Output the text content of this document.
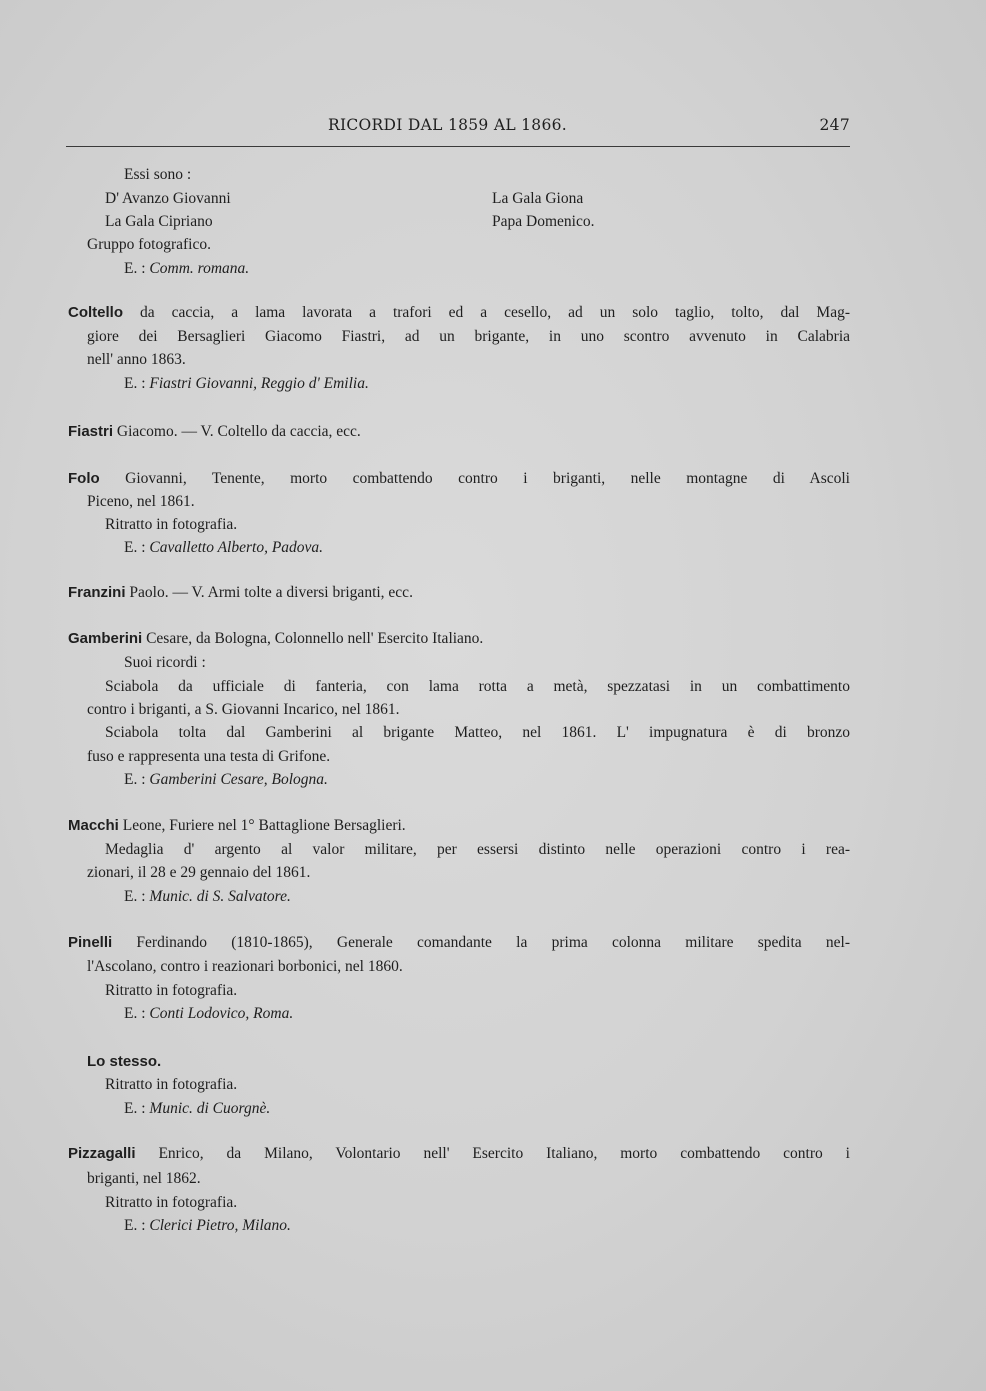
RICORDI DAL 1859 AL 1866.	247
Essi sono :
D' Avanzo Giovanni	La Gala Giona
La Gala Cipriano	Papa Domenico.
Gruppo fotografico.
E. : Comm. romana.
Coltello da caccia, a lama lavorata a trafori ed a cesello, ad un solo taglio, tolto, dal Mag-
giore dei Bersaglieri Giacomo Fiastri, ad un brigante, in uno scontro avvenuto in Calabria
nell' anno 1863.
E. : Fiastri Giovanni, Reggio d' Emilia.
Fiastri Giacomo. — V. Coltello da caccia, ecc.
Folo Giovanni, Tenente, morto combattendo contro i briganti, nelle montagne di Ascoli
Piceno, nel 1861.
Ritratto in fotografia.
E. : Cavalletto Alberto, Padova.
Franzini Paolo. — V. Armi tolte a diversi briganti, ecc.
Gamberini Cesare, da Bologna, Colonnello nell' Esercito Italiano.
Suoi ricordi :
Sciabola da ufficiale di fanteria, con lama rotta a metà, spezzatasi in un combattimento
contro i briganti, a S. Giovanni Incarico, nel 1861.
Sciabola tolta dal Gamberini al brigante Matteo, nel 1861. L' impugnatura è di bronzo
fuso e rappresenta una testa di Grifone.
E. : Gamberini Cesare, Bologna.
Macchi Leone, Furiere nel 1° Battaglione Bersaglieri.
Medaglia d' argento al valor militare, per essersi distinto nelle operazioni contro i rea-
zionari, il 28 e 29 gennaio del 1861.
E. : Munic. di S. Salvatore.
Pinelli Ferdinando (1810-1865), Generale comandante la prima colonna militare spedita nel-
l'Ascolano, contro i reazionari borbonici, nel 1860.
Ritratto in fotografia.
E. : Conti Lodovico, Roma.
Lo stesso.
Ritratto in fotografia.
E. : Munic. di Cuorgnè.
Pizzagalli Enrico, da Milano, Volontario nell' Esercito Italiano, morto combattendo contro i
briganti, nel 1862.
Ritratto in fotografia.
E. : Clerici Pietro, Milano.
